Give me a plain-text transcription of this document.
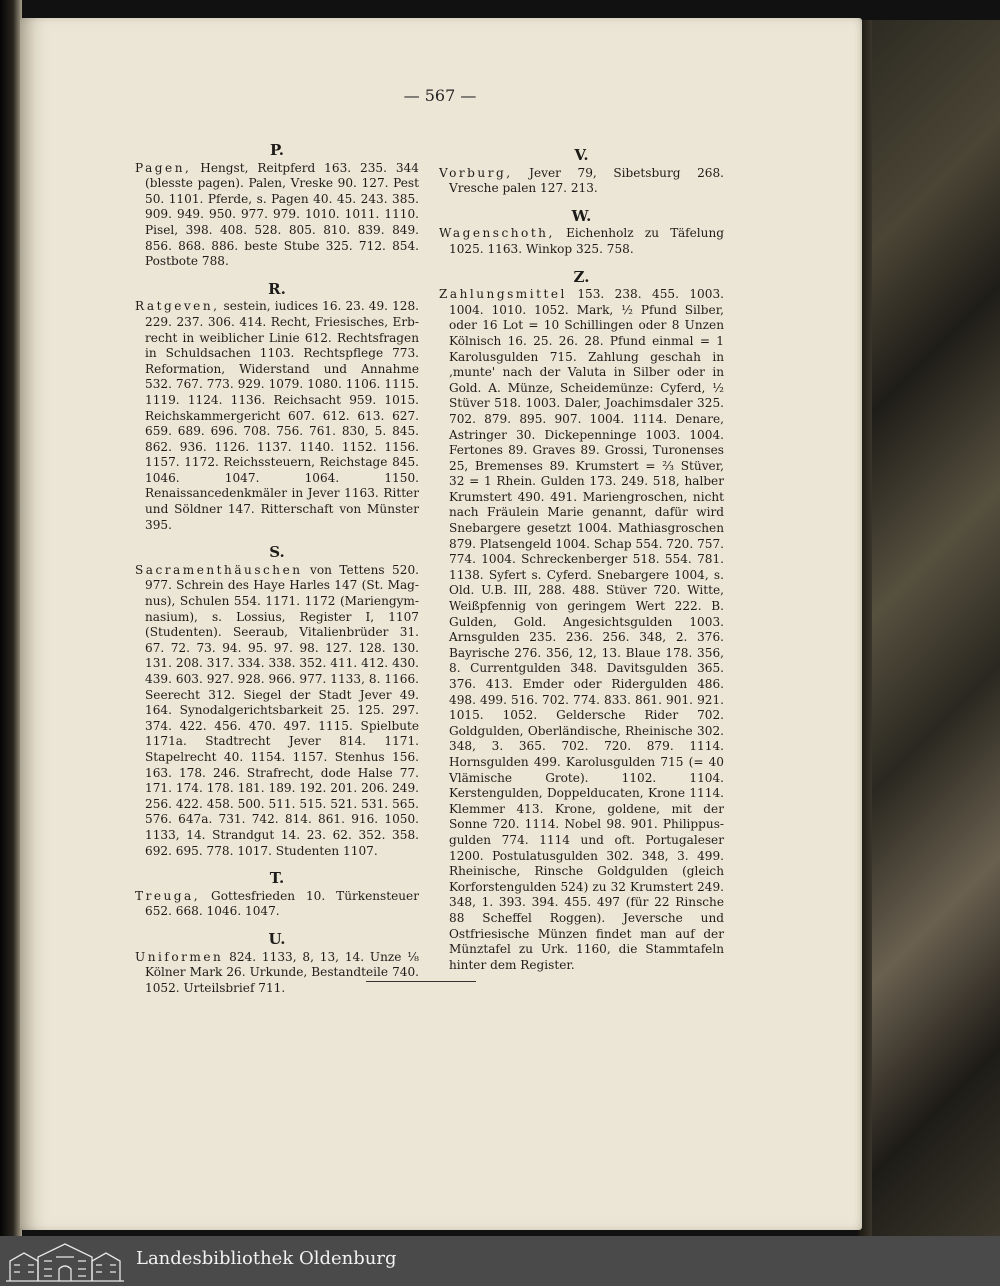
— 567 —
P.
Pagen, Hengst, Reitpferd 163. 235. 344 (blesste pagen). Palen, Vreske 90. 127. Pest 50. 1101. Pferde, s. Pagen 40. 45. 243. 385. 909. 949. 950. 977. 979. 1010. 1011. 1110. Pisel, 398. 408. 528. 805. 810. 839. 849. 856. 868. 886. beste Stube 325. 712. 854. Postbote 788.
R.
Ratgeven, sestein, iudices 16. 23. 49. 128. 229. 237. 306. 414. Recht, Friesisches, Erbrecht in weiblicher Linie 612. Rechtsfragen in Schuldsachen 1103. Rechtspflege 773. Reformation, Widerstand und Annahme 532. 767. 773. 929. 1079. 1080. 1106. 1115. 1119. 1124. 1136. Reichsacht 959. 1015. Reichskammergericht 607. 612. 613. 627. 659. 689. 696. 708. 756. 761. 830, 5. 845. 862. 936. 1126. 1137. 1140. 1152. 1156. 1157. 1172. Reichssteuern, Reichstage 845. 1046. 1047. 1064. 1150. Renaissancedenkmäler in Jever 1163. Ritter und Söldner 147. Ritterschaft von Münster 395.
S.
Sacramenthäuschen von Tettens 520. 977. Schrein des Haye Harles 147 (St. Magnus), Schulen 554. 1171. 1172 (Mariengymnasium), s. Lossius, Register I, 1107 (Studenten). Seeraub, Vitalienbrüder 31. 67. 72. 73. 94. 95. 97. 98. 127. 128. 130. 131. 208. 317. 334. 338. 352. 411. 412. 430. 439. 603. 927. 928. 966. 977. 1133, 8. 1166. Seerecht 312. Siegel der Stadt Jever 49. 164. Synodalgerichtsbarkeit 25. 125. 297. 374. 422. 456. 470. 497. 1115. Spielbute 1171a. Stadtrecht Jever 814. 1171. Stapelrecht 40. 1154. 1157. Stenhus 156. 163. 178. 246. Strafrecht, dode Halse 77. 171. 174. 178. 181. 189. 192. 201. 206. 249. 256. 422. 458. 500. 511. 515. 521. 531. 565. 576. 647a. 731. 742. 814. 861. 916. 1050. 1133, 14. Strandgut 14. 23. 62. 352. 358. 692. 695. 778. 1017. Studenten 1107.
T.
Treuga, Gottesfrieden 10. Türkensteuer 652. 668. 1046. 1047.
U.
Uniformen 824. 1133, 8, 13, 14. Unze ⅛ Kölner Mark 26. Urkunde, Bestandteile 740. 1052. Urteilsbrief 711.
V.
Vorburg, Jever 79, Sibetsburg 268. Vresche palen 127. 213.
W.
Wagenschoth, Eichenholz zu Täfelung 1025. 1163. Winkop 325. 758.
Z.
Zahlungsmittel 153. 238. 455. 1003. 1004. 1010. 1052. Mark, ½ Pfund Silber, oder 16 Lot = 10 Schillingen oder 8 Unzen Kölnisch 16. 25. 26. 28. Pfund einmal = 1 Karolusgulden 715. Zahlung geschah in ‚munte' nach der Valuta in Silber oder in Gold. A. Münze, Scheidemünze: Cyferd, ½ Stüver 518. 1003. Daler, Joachimsdaler 325. 702. 879. 895. 907. 1004. 1114. Denare, Astringer 30. Dickepenninge 1003. 1004. Fertones 89. Graves 89. Grossi, Turonenses 25, Bremenses 89. Krumstert = ⅔ Stüver, 32 = 1 Rhein. Gulden 173. 249. 518, halber Krumstert 490. 491. Mariengroschen, nicht nach Fräulein Marie genannt, dafür wird Snebargere gesetzt 1004. Mathiasgroschen 879. Platsengeld 1004. Schap 554. 720. 757. 774. 1004. Schreckenberger 518. 554. 781. 1138. Syfert s. Cyferd. Snebargere 1004, s. Old. U.B. III, 288. 488. Stüver 720. Witte, Weißpfennig von geringem Wert 222. B. Gulden, Gold. Angesichtsgulden 1003. Arnsgulden 235. 236. 256. 348, 2. 376. Bayrische 276. 356, 12, 13. Blaue 178. 356, 8. Currentgulden 348. Davitsgulden 365. 376. 413. Emder oder Ridergulden 486. 498. 499. 516. 702. 774. 833. 861. 901. 921. 1015. 1052. Geldersche Rider 702. Goldgulden, Oberländische, Rheinische 302. 348, 3. 365. 702. 720. 879. 1114. Hornsgulden 499. Karolusgulden 715 (= 40 Vlämische Grote). 1102. 1104. Kerstengulden, Doppelducaten, Krone 1114. Klemmer 413. Krone, goldene, mit der Sonne 720. 1114. Nobel 98. 901. Philippusgulden 774. 1114 und oft. Portugaleser 1200. Postulatusgulden 302. 348, 3. 499. Rheinische, Rinsche Goldgulden (gleich Korforstengulden 524) zu 32 Krumstert 249. 348, 1. 393. 394. 455. 497 (für 22 Rinsche 88 Scheffel Roggen). Jeversche und Ostfriesische Münzen findet man auf der Münztafel zu Urk. 1160, die Stammtafeln hinter dem Register.
Landesbibliothek Oldenburg
